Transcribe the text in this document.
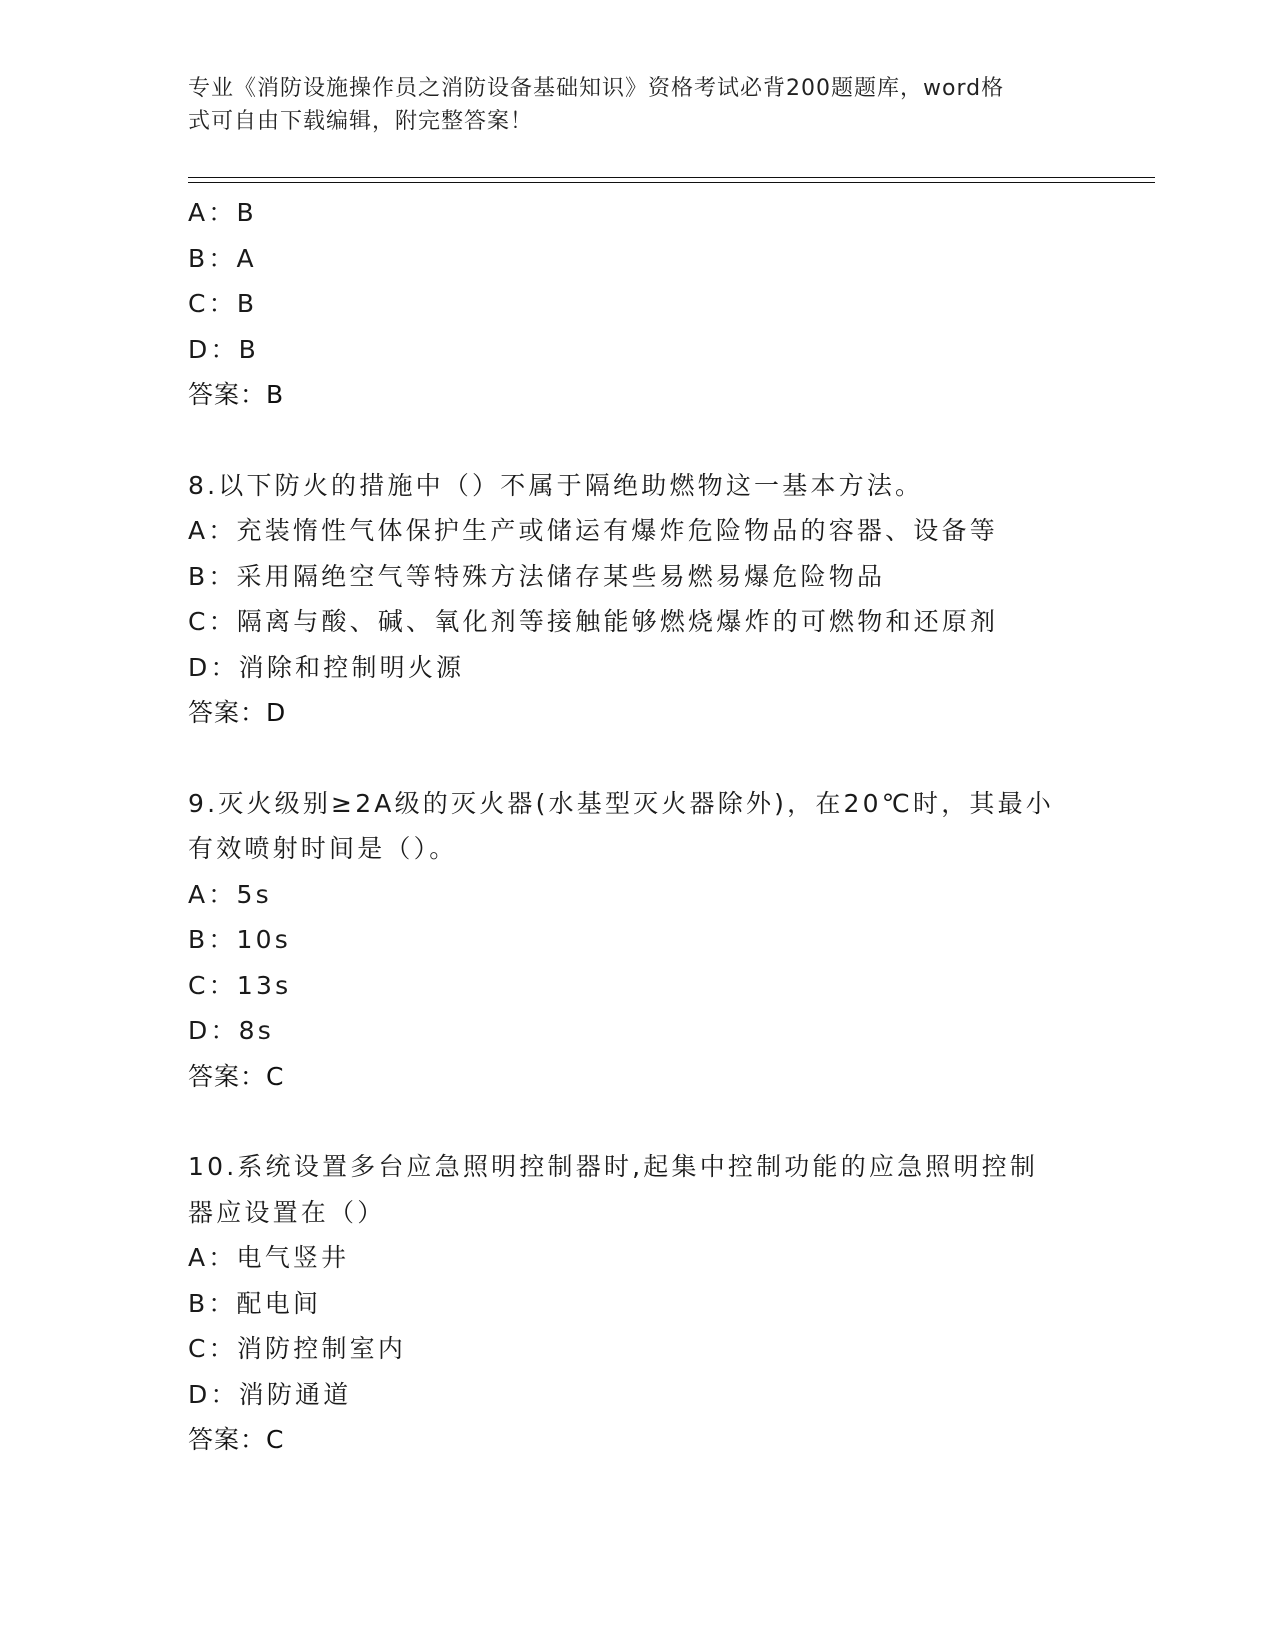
专业《消防设施操作员之消防设备基础知识》资格考试必背200题题库，word格
式可自由下载编辑，附完整答案！
A：B
B：A
C：B
D：B
答案：B
8.以下防火的措施中（）不属于隔绝助燃物这一基本方法。
A：充装惰性气体保护生产或储运有爆炸危险物品的容器、设备等
B：采用隔绝空气等特殊方法储存某些易燃易爆危险物品
C：隔离与酸、碱、氧化剂等接触能够燃烧爆炸的可燃物和还原剂
D：消除和控制明火源
答案：D
9.灭火级别≥2A级的灭火器(水基型灭火器除外)，在20℃时，其最小
有效喷射时间是（）。
A：5s
B：10s
C：13s
D：8s
答案：C
10.系统设置多台应急照明控制器时,起集中控制功能的应急照明控制
器应设置在（）
A：电气竖井
B：配电间
C：消防控制室内
D：消防通道
答案：C
